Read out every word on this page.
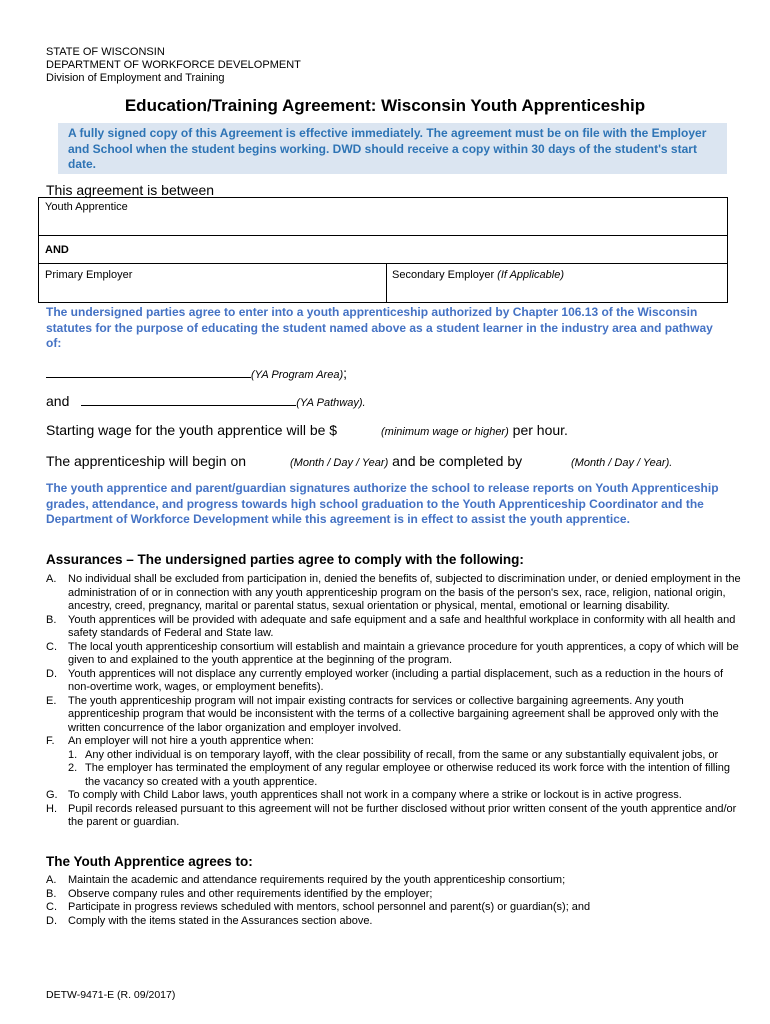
STATE OF WISCONSIN
DEPARTMENT OF WORKFORCE DEVELOPMENT
Division of Employment and Training
Education/Training Agreement: Wisconsin Youth Apprenticeship
A fully signed copy of this Agreement is effective immediately. The agreement must be on file with the Employer and School when the student begins working. DWD should receive a copy within 30 days of the student's start date.
This agreement is between
Youth Apprentice
AND
Primary Employer	Secondary Employer (If Applicable)
The undersigned parties agree to enter into a youth apprenticeship authorized by Chapter 106.13 of the Wisconsin statutes for the purpose of educating the student named above as a student learner in the industry area and pathway of:
(YA Program Area);
and	(YA Pathway).
Starting wage for the youth apprentice will be $	(minimum wage or higher) per hour.
The apprenticeship will begin on	(Month / Day / Year) and be completed by	(Month / Day / Year).
The youth apprentice and parent/guardian signatures authorize the school to release reports on Youth Apprenticeship grades, attendance, and progress towards high school graduation to the Youth Apprenticeship Coordinator and the Department of Workforce Development while this agreement is in effect to assist the youth apprentice.
Assurances – The undersigned parties agree to comply with the following:
A.	No individual shall be excluded from participation in, denied the benefits of, subjected to discrimination under, or denied employment in the administration of or in connection with any youth apprenticeship program on the basis of the person's sex, race, religion, national origin, ancestry, creed, pregnancy, marital or parental status, sexual orientation or physical, mental, emotional or learning disability.
B.	Youth apprentices will be provided with adequate and safe equipment and a safe and healthful workplace in conformity with all health and safety standards of Federal and State law.
C.	The local youth apprenticeship consortium will establish and maintain a grievance procedure for youth apprentices, a copy of which will be given to and explained to the youth apprentice at the beginning of the program.
D.	Youth apprentices will not displace any currently employed worker (including a partial displacement, such as a reduction in the hours of non-overtime work, wages, or employment benefits).
E.	The youth apprenticeship program will not impair existing contracts for services or collective bargaining agreements. Any youth apprenticeship program that would be inconsistent with the terms of a collective bargaining agreement shall be approved only with the written concurrence of the labor organization and employer involved.
F.	An employer will not hire a youth apprentice when:
1. Any other individual is on temporary layoff, with the clear possibility of recall, from the same or any substantially equivalent jobs, or
2. The employer has terminated the employment of any regular employee or otherwise reduced its work force with the intention of filling the vacancy so created with a youth apprentice.
G. To comply with Child Labor laws, youth apprentices shall not work in a company where a strike or lockout is in active progress.
H.	Pupil records released pursuant to this agreement will not be further disclosed without prior written consent of the youth apprentice and/or the parent or guardian.
The Youth Apprentice agrees to:
A.	Maintain the academic and attendance requirements required by the youth apprenticeship consortium;
B.	Observe company rules and other requirements identified by the employer;
C.	Participate in progress reviews scheduled with mentors, school personnel and parent(s) or guardian(s); and
D.	Comply with the items stated in the Assurances section above.
DETW-9471-E (R. 09/2017)
